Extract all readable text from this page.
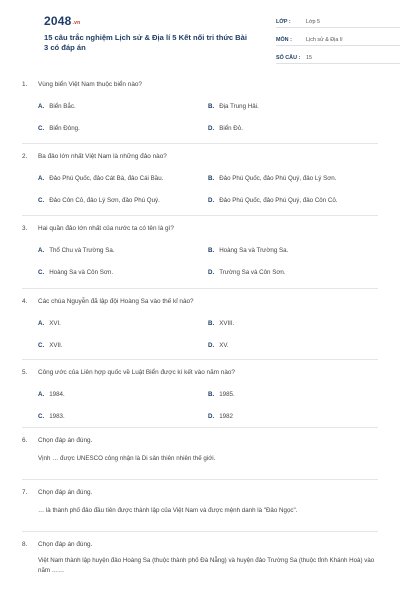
2048.vn
15 câu trắc nghiệm Lịch sử & Địa lí 5 Kết nối tri thức Bài 3 có đáp án
LỚP :	Lớp 5
MÔN :	Lịch sử & Địa lí
SỐ CÂU :	15
1. Vùng biển Việt Nam thuộc biển nào?
A. Biển Bắc.	B. Địa Trung Hải.
C. Biển Đông.	D. Biển Đỏ.
2. Ba đảo lớn nhất Việt Nam là những đảo nào?
A. Đảo Phú Quốc, đảo Cát Bà, đảo Cái Bầu.	B. Đảo Phú Quốc, đảo Phú Quý, đảo Lý Sơn.
C. Đảo Côn Cỏ, đảo Lý Sơn, đảo Phú Quý.	D. Đảo Phú Quốc, đảo Phú Quý, đảo Côn Cỏ.
3. Hai quần đảo lớn nhất của nước ta có tên là gì?
A. Thổ Chu và Trường Sa.	B. Hoàng Sa và Trường Sa.
C. Hoàng Sa và Côn Sơn.	D. Trường Sa và Côn Sơn.
4. Các chúa Nguyễn đã lập đội Hoàng Sa vào thế kỉ nào?
A. XVI.	B. XVIII.
C. XVII.	D. XV.
5. Công ước của Liên hợp quốc về Luật Biển được kí kết vào năm nào?
A. 1984.	B. 1985.
C. 1983.	D. 1982
6. Chọn đáp án đúng.
Vịnh … được UNESCO công nhận là Di sản thiên nhiên thế giới.
7. Chọn đáp án đúng.
… là thành phố đảo đầu tiên được thành lập của Việt Nam và được mệnh danh là "Đảo Ngọc".
8. Chọn đáp án đúng.
Việt Nam thành lập huyện đảo Hoàng Sa (thuộc thành phố Đà Nẵng) và huyện đảo Trường Sa (thuộc tỉnh Khánh Hoà) vào năm ……
